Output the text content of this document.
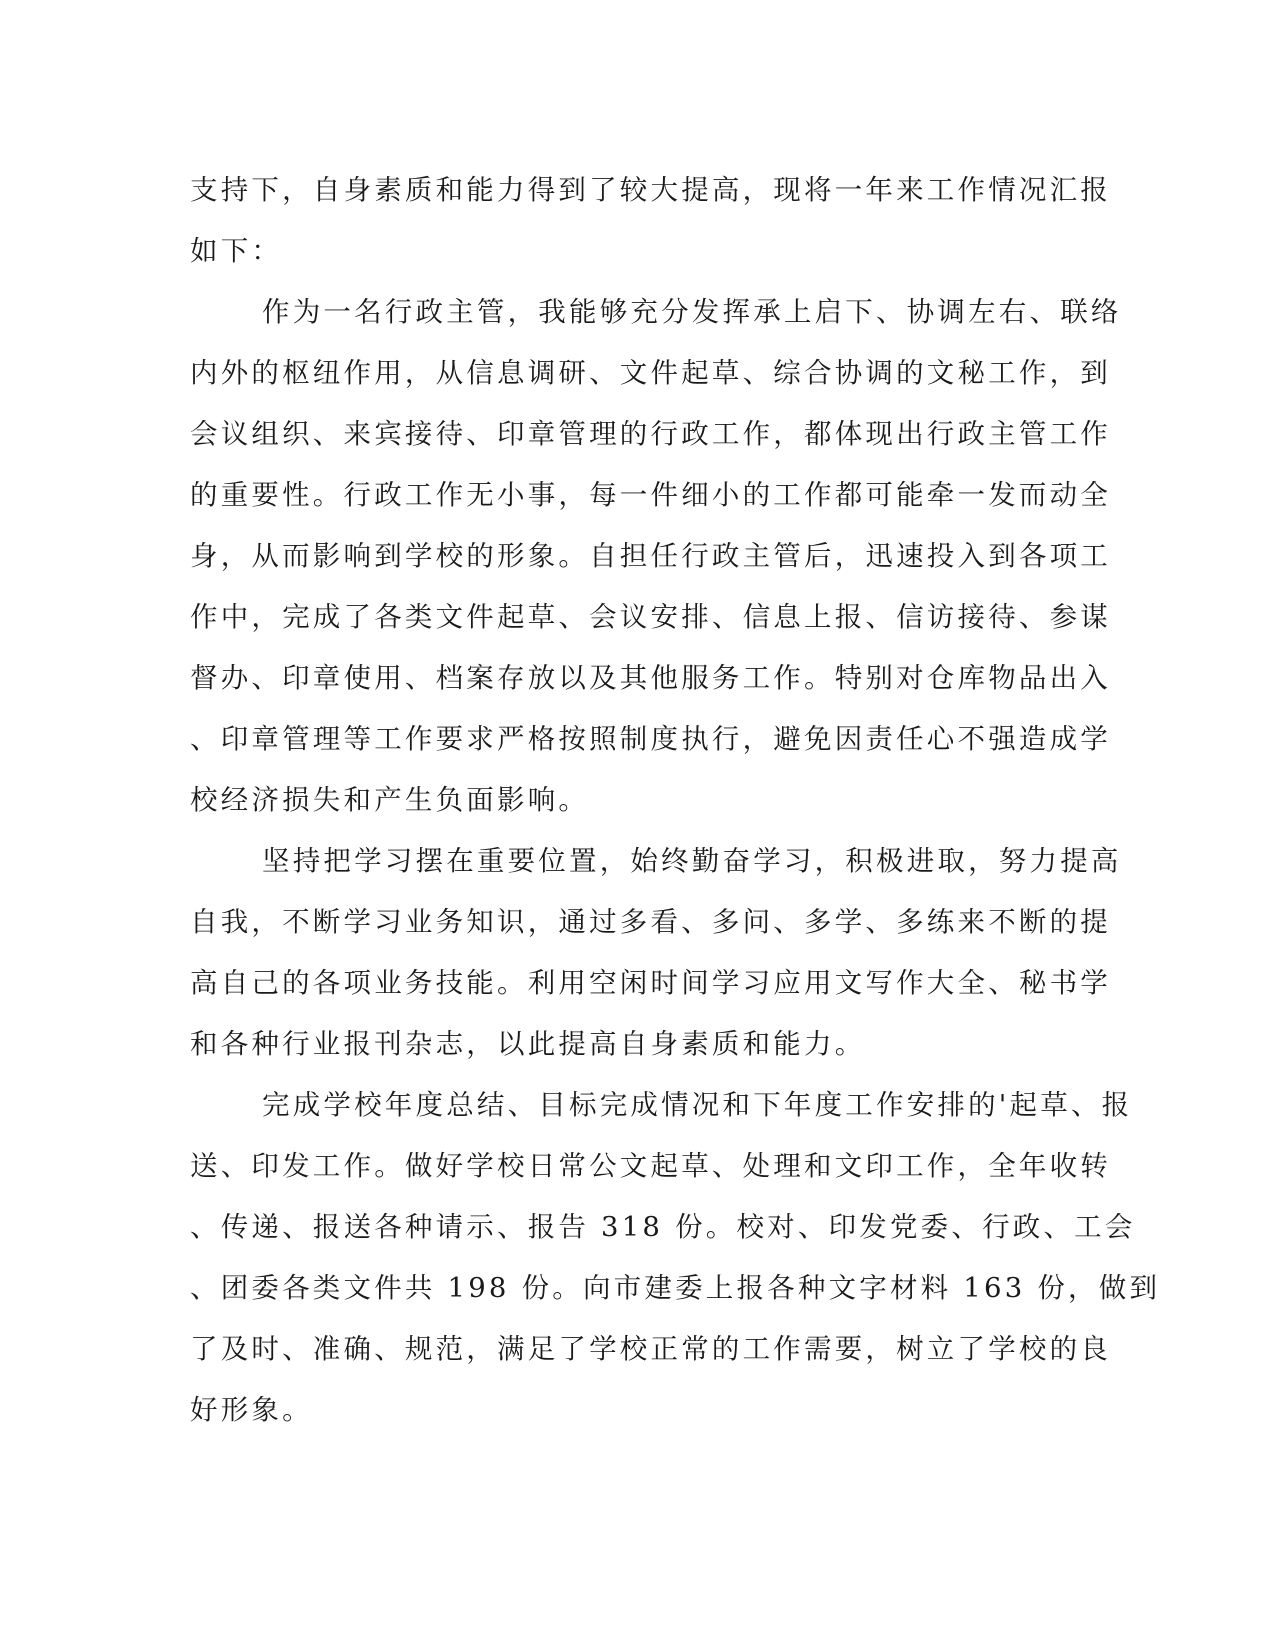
支持下，自身素质和能力得到了较大提高，现将一年来工作情况汇报
如下：
作为一名行政主管，我能够充分发挥承上启下、协调左右、联络
内外的枢纽作用，从信息调研、文件起草、综合协调的文秘工作，到
会议组织、来宾接待、印章管理的行政工作，都体现出行政主管工作
的重要性。行政工作无小事，每一件细小的工作都可能牵一发而动全
身，从而影响到学校的形象。自担任行政主管后，迅速投入到各项工
作中，完成了各类文件起草、会议安排、信息上报、信访接待、参谋
督办、印章使用、档案存放以及其他服务工作。特别对仓库物品出入
、印章管理等工作要求严格按照制度执行，避免因责任心不强造成学
校经济损失和产生负面影响。
坚持把学习摆在重要位置，始终勤奋学习，积极进取，努力提高
自我，不断学习业务知识，通过多看、多问、多学、多练来不断的提
高自己的各项业务技能。利用空闲时间学习应用文写作大全、秘书学
和各种行业报刊杂志，以此提高自身素质和能力。
完成学校年度总结、目标完成情况和下年度工作安排的'起草、报
送、印发工作。做好学校日常公文起草、处理和文印工作，全年收转
、传递、报送各种请示、报告 318 份。校对、印发党委、行政、工会
、团委各类文件共 198 份。向市建委上报各种文字材料 163 份，做到
了及时、准确、规范，满足了学校正常的工作需要，树立了学校的良
好形象。
